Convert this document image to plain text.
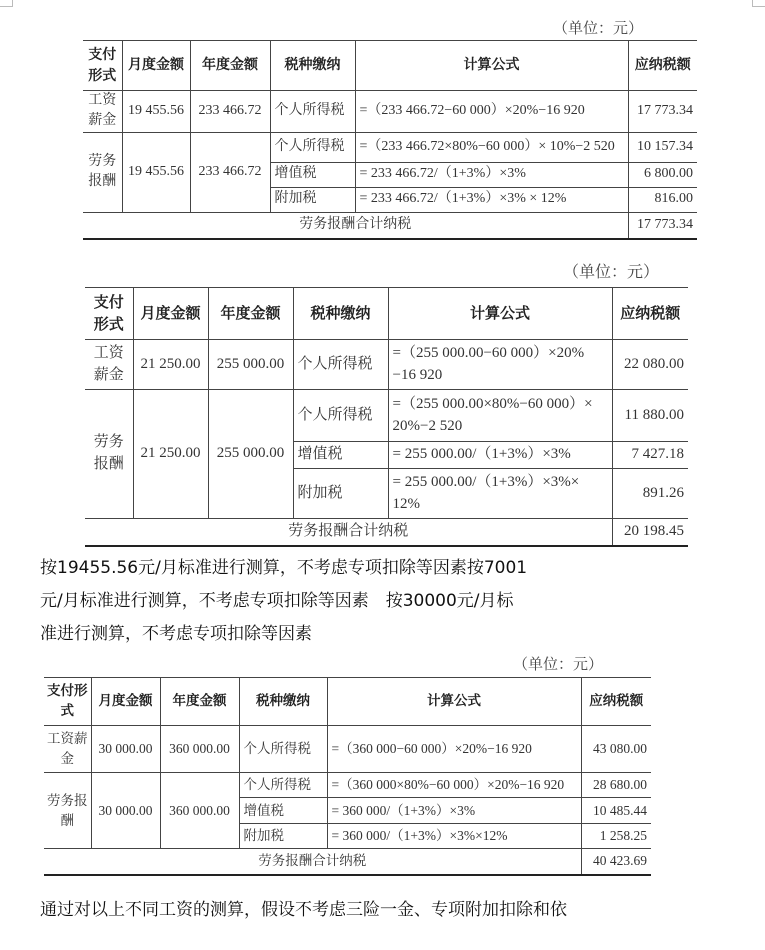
（单位：元）
支付形式	月度金额	年度金额	税种缴纳	计算公式	应纳税额
工资薪金	19 455.56	233 466.72	个人所得税	=（233 466.72−60 000）×20%−16 920	17 773.34
劳务报酬	19 455.56	233 466.72	个人所得税	=（233 466.72×80%−60 000）× 10%−2 520	10 157.34
			增值税	= 233 466.72/（1+3%）×3%	6 800.00
			附加税	= 233 466.72/（1+3%）×3% × 12%	816.00
劳务报酬合计纳税					17 773.34
（单位：元）
支付形式	月度金额	年度金额	税种缴纳	计算公式	应纳税额
工资薪金	21 250.00	255 000.00	个人所得税	=（255 000.00−60 000）×20% −16 920	22 080.00
劳务报酬	21 250.00	255 000.00	个人所得税	=（255 000.00×80%−60 000）× 20%−2 520	11 880.00
			增值税	= 255 000.00/（1+3%）×3%	7 427.18
			附加税	= 255 000.00/（1+3%）×3%× 12%	891.26
劳务报酬合计纳税					20 198.45
按19455.56元/月标准进行测算，不考虑专项扣除等因素按7001
元/月标准进行测算，不考虑专项扣除等因素　按30000元/月标
准进行测算，不考虑专项扣除等因素
（单位：元）
支付形式	月度金额	年度金额	税种缴纳	计算公式	应纳税额
工资薪金	30 000.00	360 000.00	个人所得税	=（360 000−60 000）×20%−16 920	43 080.00
劳务报酬	30 000.00	360 000.00	个人所得税	=（360 000×80%−60 000）×20%−16 920	28 680.00
			增值税	= 360 000/（1+3%）×3%	10 485.44
			附加税	= 360 000/（1+3%）×3%×12%	1 258.25
劳务报酬合计纳税					40 423.69
通过对以上不同工资的测算，假设不考虑三险一金、专项附加扣除和依
